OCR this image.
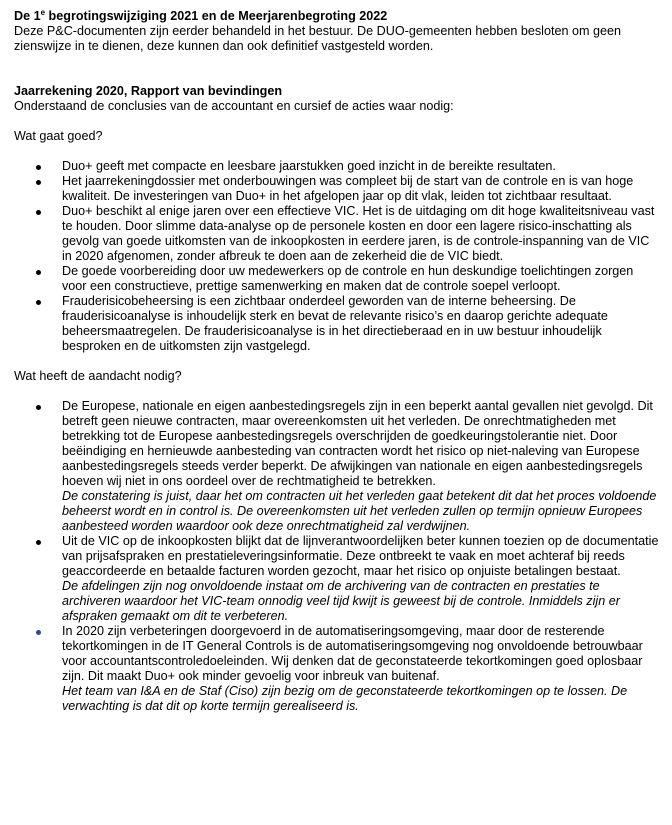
De 1e begrotingswijziging 2021 en de Meerjarenbegroting 2022

Deze P&C-documenten zijn eerder behandeld in het bestuur. De DUO-gemeenten hebben besloten om geen zienswijze in te dienen, deze kunnen dan ook definitief vastgesteld worden.

Jaarrekening 2020, Rapport van bevindingen

Onderstaand de conclusies van de accountant en cursief de acties waar nodig:

Wat gaat goed?

Duo+ geeft met compacte en leesbare jaarstukken goed inzicht in de bereikte resultaten.
Het jaarrekeningdossier met onderbouwingen was compleet bij de start van de controle en is van hoge kwaliteit. De investeringen van Duo+ in het afgelopen jaar op dit vlak, leiden tot zichtbaar resultaat.
Duo+ beschikt al enige jaren over een effectieve VIC. Het is de uitdaging om dit hoge kwaliteitsniveau vast te houden. Door slimme data-analyse op de personele kosten en door een lagere risico-inschatting als gevolg van goede uitkomsten van de inkoopkosten in eerdere jaren, is de controle-inspanning van de VIC in 2020 afgenomen, zonder afbreuk te doen aan de zekerheid die de VIC biedt.
De goede voorbereiding door uw medewerkers op de controle en hun deskundige toelichtingen zorgen voor een constructieve, prettige samenwerking en maken dat de controle soepel verloopt.
Frauderisicobeheersing is een zichtbaar onderdeel geworden van de interne beheersing. De frauderisicoanalyse is inhoudelijk sterk en bevat de relevante risico’s en daarop gerichte adequate beheersmaatregelen. De frauderisicoanalyse is in het directieberaad en in uw bestuur inhoudelijk besproken en de uitkomsten zijn vastgelegd.

Wat heeft de aandacht nodig?

De Europese, nationale en eigen aanbestedingsregels zijn in een beperkt aantal gevallen niet gevolgd. Dit betreft geen nieuwe contracten, maar overeenkomsten uit het verleden. De onrechtmatigheden met betrekking tot de Europese aanbestedingsregels overschrijden de goedkeuringstolerantie niet. Door beëindiging en hernieuwde aanbesteding van contracten wordt het risico op niet-naleving van Europese aanbestedingsregels steeds verder beperkt. De afwijkingen van nationale en eigen aanbestedingsregels hoeven wij niet in ons oordeel over de rechtmatigheid te betrekken.
De constatering is juist, daar het om contracten uit het verleden gaat betekent dit dat het proces voldoende beheerst wordt en in control is. De overeenkomsten uit het verleden zullen op termijn opnieuw Europees aanbesteed worden waardoor ook deze onrechtmatigheid zal verdwijnen.
Uit de VIC op de inkoopkosten blijkt dat de lijnverantwoordelijken beter kunnen toezien op de documentatie van prijsafspraken en prestatieleveringsinformatie. Deze ontbreekt te vaak en moet achteraf bij reeds geaccordeerde en betaalde facturen worden gezocht, maar het risico op onjuiste betalingen bestaat.
De afdelingen zijn nog onvoldoende instaat om de archivering van de contracten en prestaties te archiveren waardoor het VIC-team onnodig veel tijd kwijt is geweest bij de controle. Inmiddels zijn er afspraken gemaakt om dit te verbeteren.
In 2020 zijn verbeteringen doorgevoerd in de automatiseringsomgeving, maar door de resterende tekortkomingen in de IT General Controls is de automatiseringsomgeving nog onvoldoende betrouwbaar voor accountantscontroledoeleinden. Wij denken dat de geconstateerde tekortkomingen goed oplosbaar zijn. Dit maakt Duo+ ook minder gevoelig voor inbreuk van buitenaf.
Het team van I&A en de Staf (Ciso) zijn bezig om de geconstateerde tekortkomingen op te lossen. De verwachting is dat dit op korte termijn gerealiseerd is.
